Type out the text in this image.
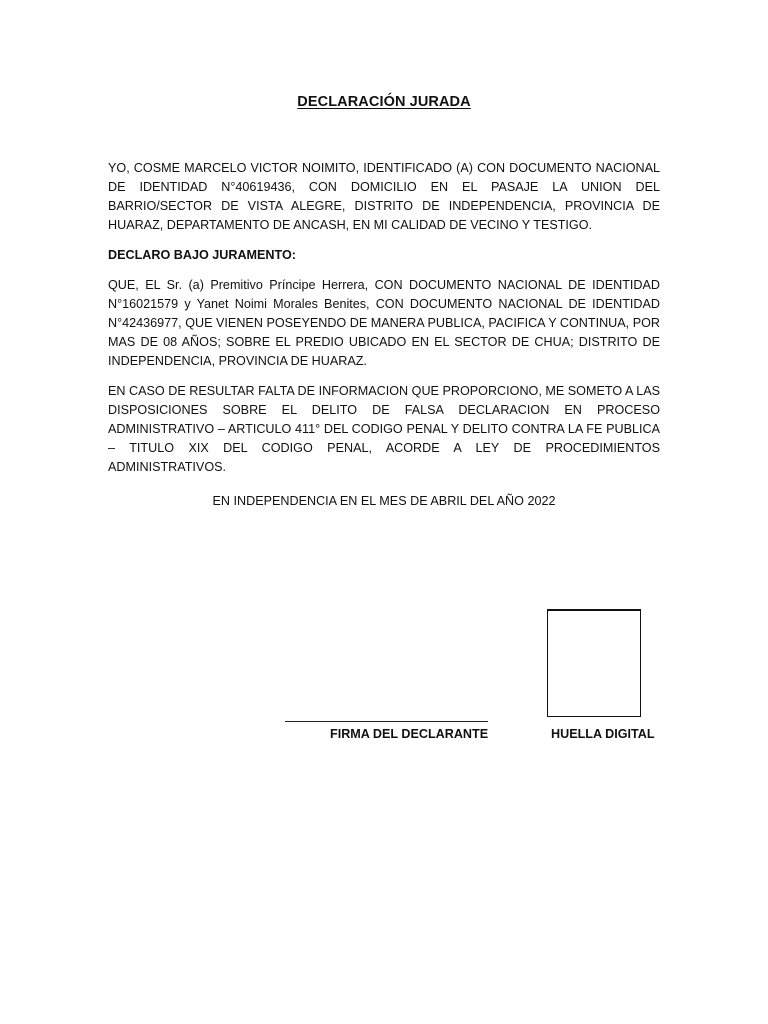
DECLARACIÓN JURADA

YO, COSME MARCELO VICTOR NOIMITO, IDENTIFICADO (A) CON DOCUMENTO NACIONAL DE IDENTIDAD N°40619436, CON DOMICILIO EN EL PASAJE LA UNION DEL BARRIO/SECTOR DE VISTA ALEGRE, DISTRITO DE INDEPENDENCIA, PROVINCIA DE HUARAZ, DEPARTAMENTO DE ANCASH, EN MI CALIDAD DE VECINO Y TESTIGO.

DECLARO BAJO JURAMENTO:

QUE, EL Sr. (a) Premitivo Príncipe Herrera, CON DOCUMENTO NACIONAL DE IDENTIDAD N°16021579 y Yanet Noimi Morales Benites, CON DOCUMENTO NACIONAL DE IDENTIDAD N°42436977, QUE VIENEN POSEYENDO DE MANERA PUBLICA, PACIFICA Y CONTINUA, POR MAS DE 08 AÑOS; SOBRE EL PREDIO UBICADO EN EL SECTOR DE CHUA; DISTRITO DE INDEPENDENCIA, PROVINCIA DE HUARAZ.

EN CASO DE RESULTAR FALTA DE INFORMACION QUE PROPORCIONO, ME SOMETO A LAS DISPOSICIONES SOBRE EL DELITO DE FALSA DECLARACION EN PROCESO ADMINISTRATIVO – ARTICULO 411° DEL CODIGO PENAL Y DELITO CONTRA LA FE PUBLICA – TITULO XIX DEL CODIGO PENAL, ACORDE A LEY DE PROCEDIMIENTOS ADMINISTRATIVOS.

EN INDEPENDENCIA EN EL MES DE ABRIL DEL AÑO 2022
FIRMA DEL DECLARANTE	HUELLA DIGITAL
